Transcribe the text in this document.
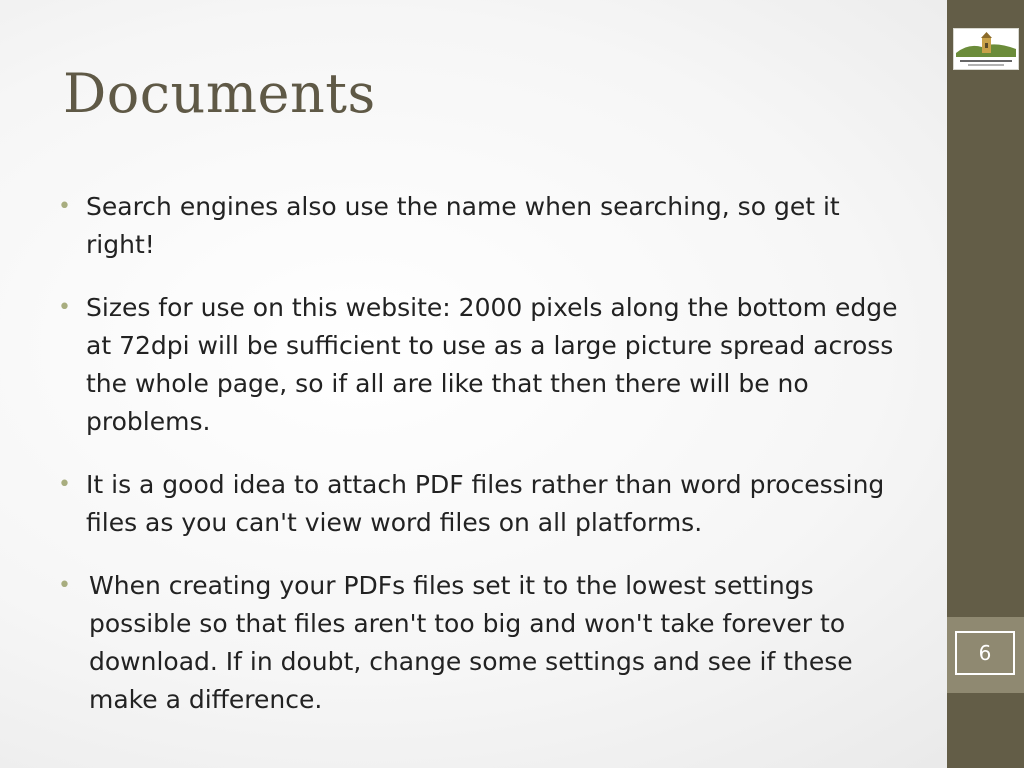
Documents
• Search engines also use the name when searching, so get it right!
• Sizes for use on this website: 2000 pixels along the bottom edge at 72dpi will be sufficient to use as a large picture spread across the whole page, so if all are like that then there will be no problems.
• It is a good idea to attach PDF files rather than word processing files as you can't view word files on all platforms.
• When creating your PDFs files set it to the lowest settings possible so that files aren't too big and won't take forever to download. If in doubt, change some settings and see if these make a difference.
6
